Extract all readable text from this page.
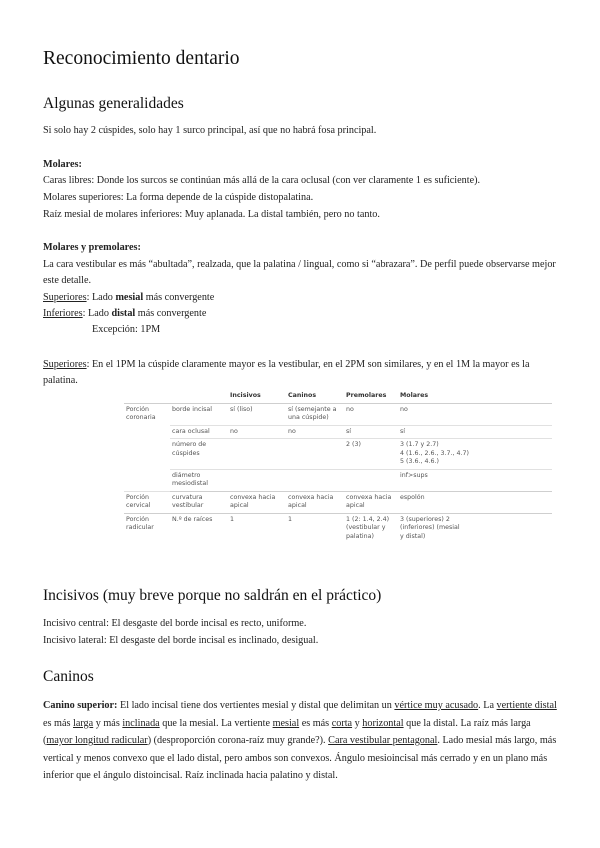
Reconocimiento dentario
Algunas generalidades
Si solo hay 2 cúspides, solo hay 1 surco principal, así que no habrá fosa principal.
Molares:
Caras libres: Donde los surcos se continúan más allá de la cara oclusal (con ver claramente 1 es suficiente).
Molares superiores: La forma depende de la cúspide distopalatina.
Raíz mesial de molares inferiores: Muy aplanada. La distal también, pero no tanto.
Molares y premolares:
La cara vestibular es más “abultada”, realzada, que la palatina / lingual, como si “abrazara”. De perfil puede observarse mejor este detalle.
Superiores: Lado mesial más convergente
Inferiores: Lado distal más convergente
Excepción: 1PM
Superiores: En el 1PM la cúspide claramente mayor es la vestibular, en el 2PM son similares, y en el 1M la mayor es la palatina.
		Incisivos	Caninos	Premolares	Molares
Porción coronaria	borde incisal	sí (liso)	sí (semejante a una cúspide)	no	no
	cara oclusal	no	no	sí	sí
	número de cúspides			2 (3)	3 (1.7 y 2.7)
4 (1.6., 2.6., 3.7., 4.7)
5 (3.6., 4.6.)

	diámetro mesiodistal				inf>sups
Porción cervical	curvatura vestibular	convexa hacia apical	convexa hacia apical	convexa hacia apical	espolón
Porción radicular	N.º de raíces	1	1	1 (2: 1.4, 2.4) (vestibular y palatina)	3 (superiores) 2 (inferiores) (mesial y distal)
Incisivos (muy breve porque no saldrán en el práctico)
Incisivo central: El desgaste del borde incisal es recto, uniforme.
Incisivo lateral: El desgaste del borde incisal es inclinado, desigual.
Caninos
Canino superior: El lado incisal tiene dos vertientes mesial y distal que delimitan un vértice muy acusado. La vertiente distal es más larga y más inclinada que la mesial. La vertiente mesial es más corta y horizontal que la distal. La raíz más larga (mayor longitud radicular) (desproporción corona-raíz muy grande?). Cara vestibular pentagonal. Lado mesial más largo, más vertical y menos convexo que el lado distal, pero ambos son convexos. Ángulo mesioincisal más cerrado y en un plano más inferior que el ángulo distoincisal. Raíz inclinada hacia palatino y distal.
